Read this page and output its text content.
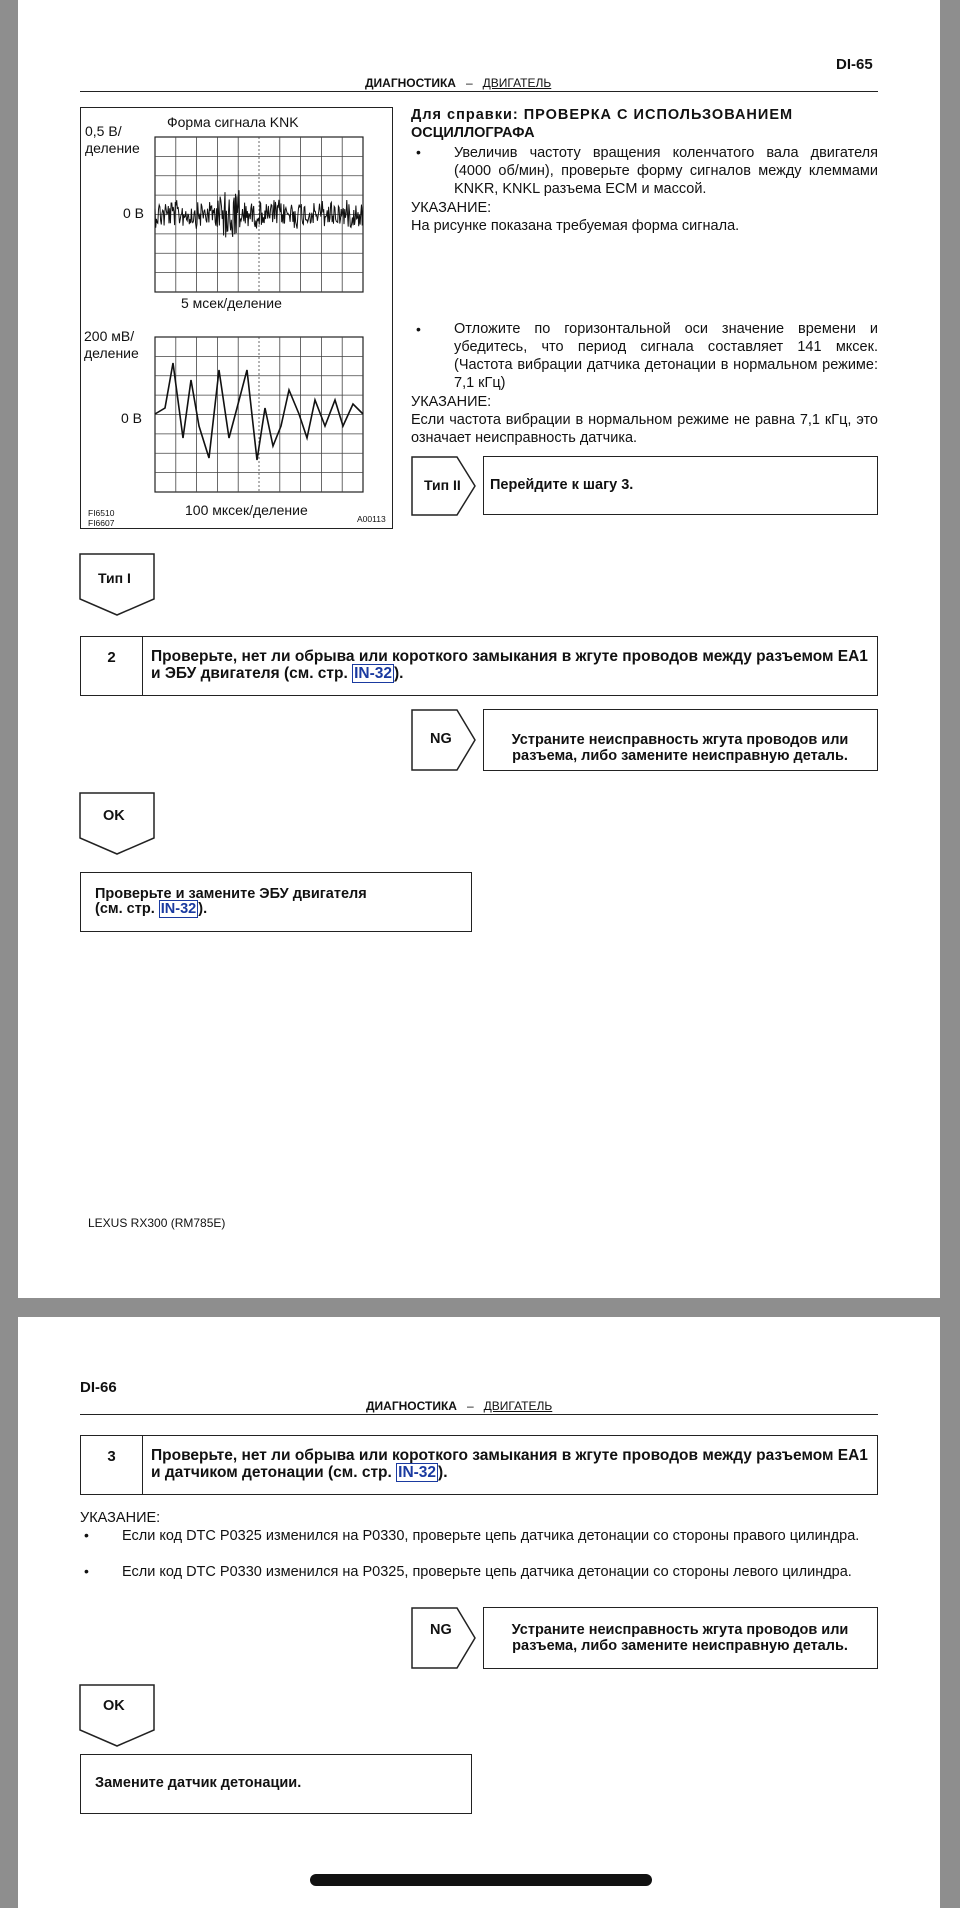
DI-65
ДИАГНОСТИКА – ДВИГАТЕЛЬ
Форма сигнала KNK
0,5 В/
деление
0 В
5 мсек/деление
200 мВ/
деление
0 В
100 мксек/деление
FI6510
FI6607	A00113
Для справки: ПРОВЕРКА С ИСПОЛЬЗОВАНИЕМ
ОСЦИЛЛОГРАФА
• Увеличив частоту вращения коленчатого вала двигателя (4000 об/мин), проверьте форму сигналов между клеммами KNKR, KNKL разъема ECM и массой.
УКАЗАНИЕ:
На рисунке показана требуемая форма сигнала.
• Отложите по горизонтальной оси значение времени и убедитесь, что период сигнала составляет 141 мксек. (Частота вибрации датчика детонации в нормальном режиме: 7,1 кГц)
УКАЗАНИЕ:
Если частота вибрации в нормальном режиме не равна 7,1 кГц, это означает неисправность датчика.
Тип II Перейдите к шагу 3.
Тип I
2	Проверьте, нет ли обрыва или короткого замыкания в жгуте проводов между разъемом ЕА1 и ЭБУ двигателя (см. стр. IN-32 ).
NG	Устраните неисправность жгута проводов или
разъема, либо замените неисправную деталь.
OK
Проверьте и замените ЭБУ двигателя
(см. стр. IN-32 ).
LEXUS RX300 (RM785E)
DI-66
ДИАГНОСТИКА – ДВИГАТЕЛЬ
3	Проверьте, нет ли обрыва или короткого замыкания в жгуте проводов между разъемом ЕА1 и датчиком детонации (см. стр. IN-32 ).
УКАЗАНИЕ:
• Если код DTC P0325 изменился на P0330, проверьте цепь датчика детонации со стороны правого цилиндра.
• Если код DTC P0330 изменился на P0325, проверьте цепь датчика детонации со стороны левого цилиндра.
NG	Устраните неисправность жгута проводов или
разъема, либо замените неисправную деталь.
OK
Замените датчик детонации.
